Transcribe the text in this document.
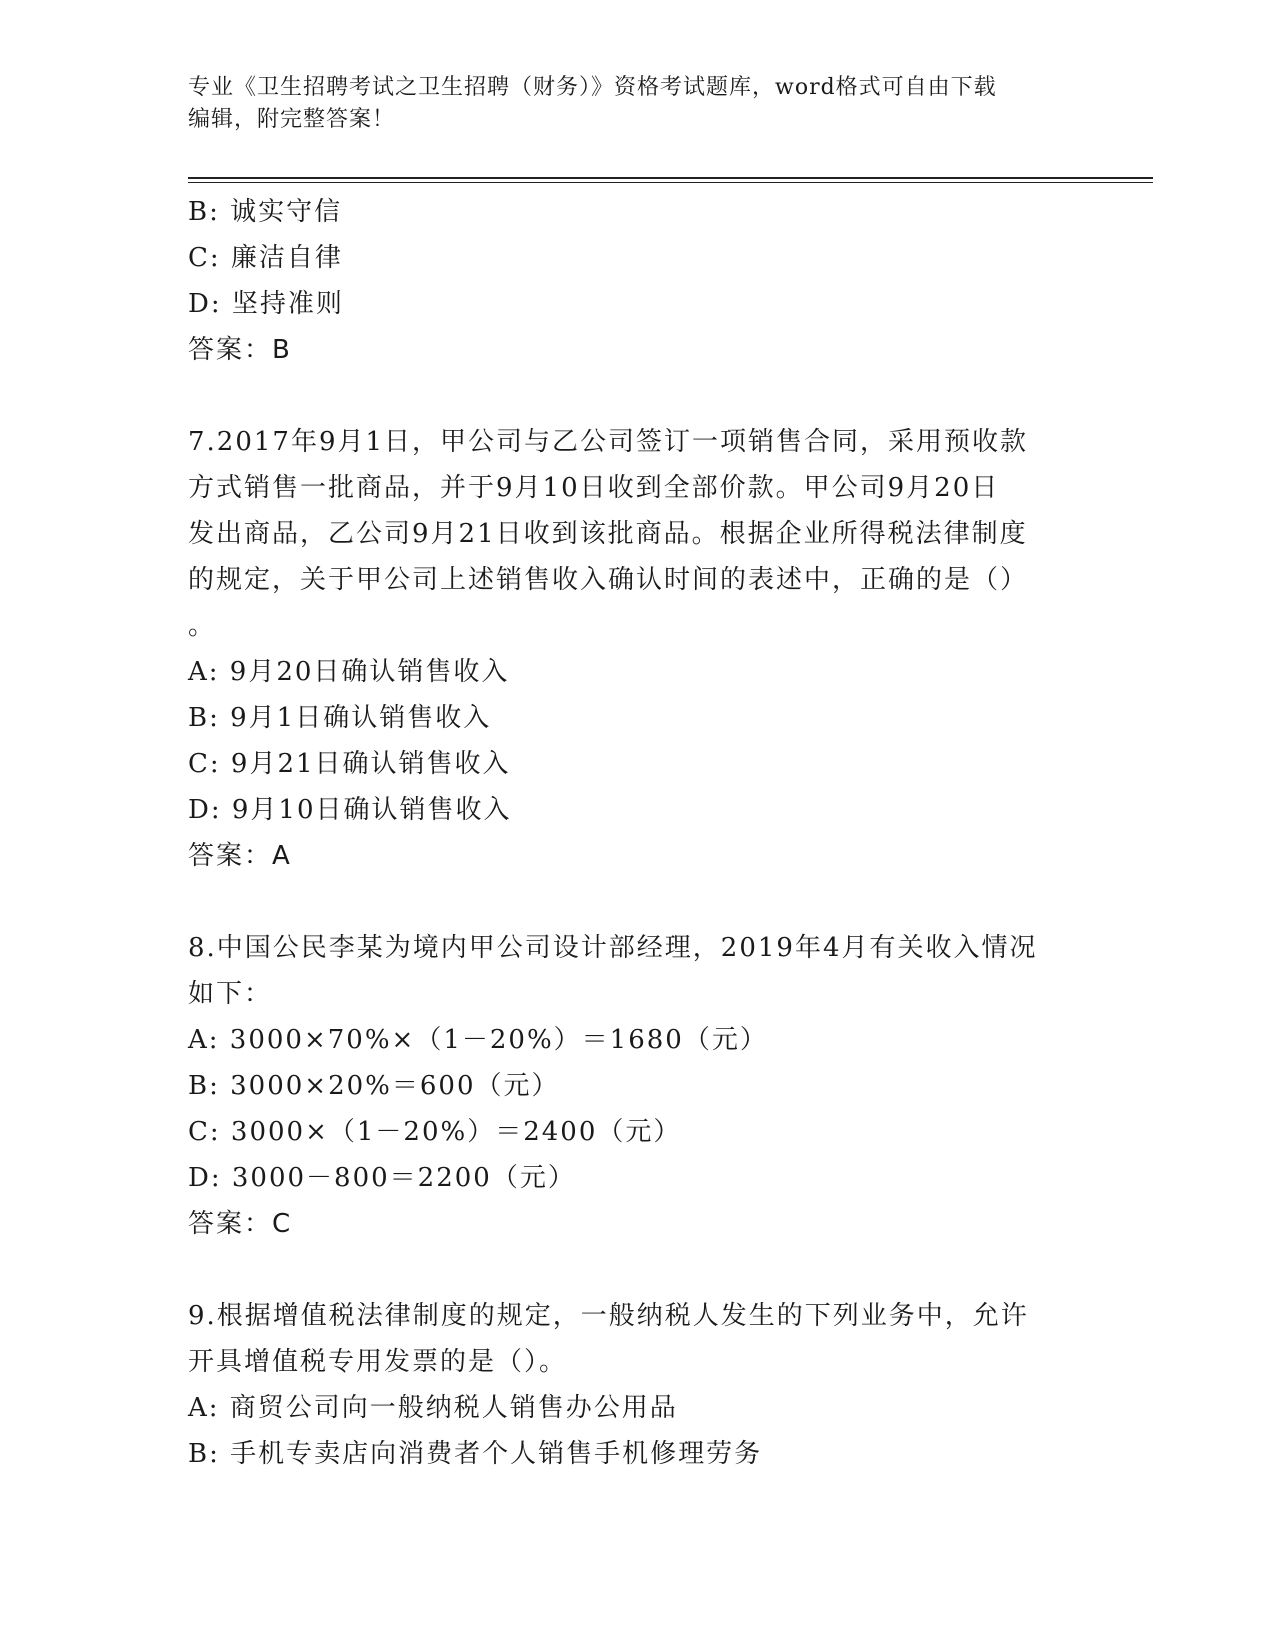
专业《卫生招聘考试之卫生招聘（财务）》资格考试题库，word格式可自由下载
编辑，附完整答案！
B: 诚实守信
C: 廉洁自律
D: 坚持准则
答案：B
7.2017年9月1日，甲公司与乙公司签订一项销售合同，采用预收款
方式销售一批商品，并于9月10日收到全部价款。甲公司9月20日
发出商品，乙公司9月21日收到该批商品。根据企业所得税法律制度
的规定，关于甲公司上述销售收入确认时间的表述中，正确的是（）
。
A: 9月20日确认销售收入
B: 9月1日确认销售收入
C: 9月21日确认销售收入
D: 9月10日确认销售收入
答案：A
8.中国公民李某为境内甲公司设计部经理，2019年4月有关收入情况
如下：
A: 3000×70%×（1－20%）＝1680（元）
B: 3000×20%＝600（元）
C: 3000×（1－20%）＝2400（元）
D: 3000－800＝2200（元）
答案：C
9.根据增值税法律制度的规定，一般纳税人发生的下列业务中，允许
开具增值税专用发票的是（）。
A: 商贸公司向一般纳税人销售办公用品
B: 手机专卖店向消费者个人销售手机修理劳务
